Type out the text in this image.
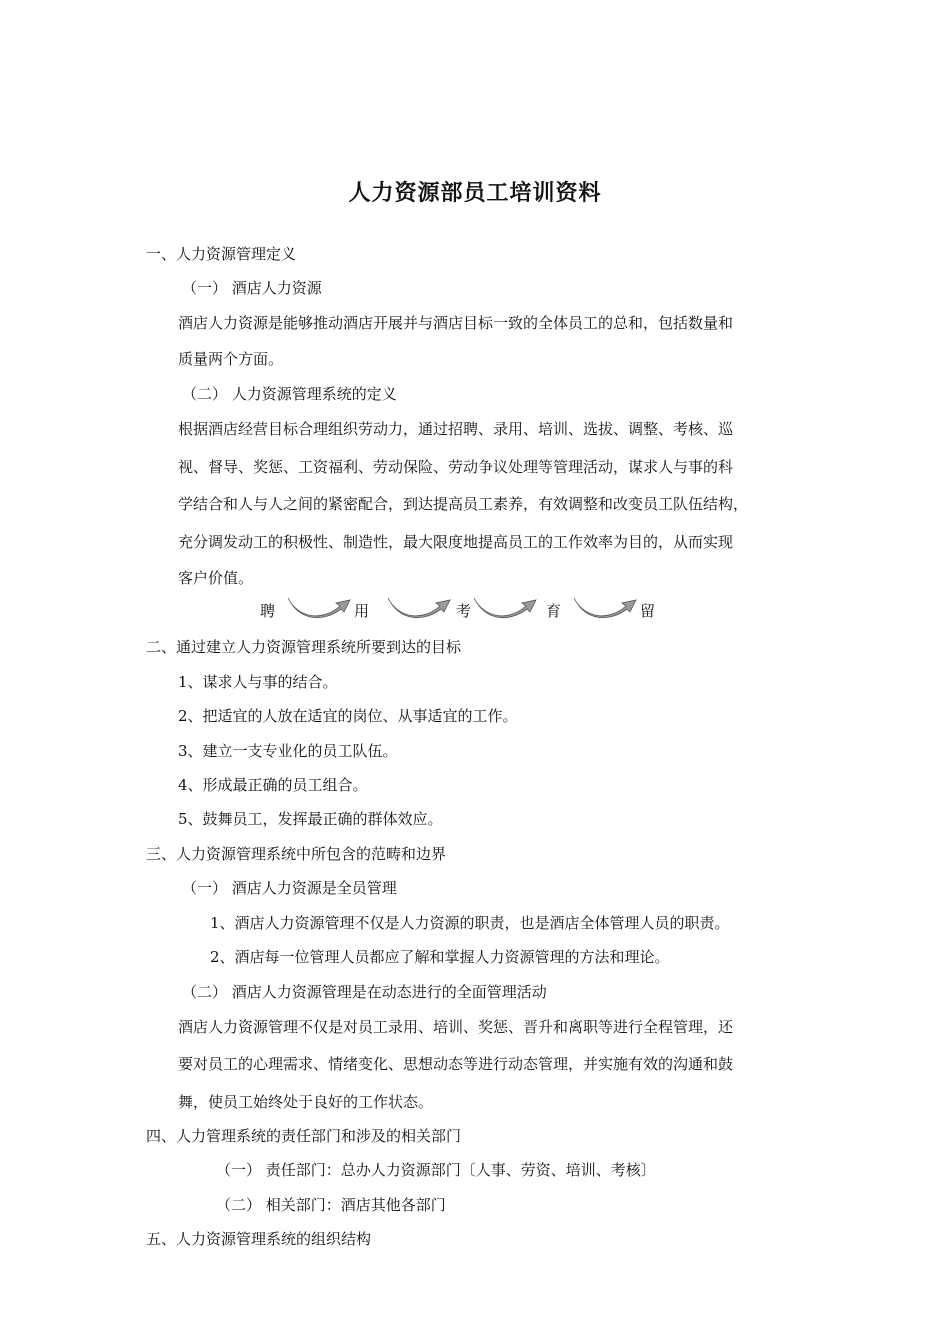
人力资源部员工培训资料
一、人力资源管理定义
（一） 酒店人力资源
酒店人力资源是能够推动酒店开展并与酒店目标一致的全体员工的总和，包括数量和
质量两个方面。
（二） 人力资源管理系统的定义
根据酒店经营目标合理组织劳动力，通过招聘、录用、培训、选拔、调整、考核、巡
视、督导、奖惩、工资福利、劳动保险、劳动争议处理等管理活动，谋求人与事的科
学结合和人与人之间的紧密配合，到达提高员工素养，有效调整和改变员工队伍结构，
充分调发动工的积极性、制造性，最大限度地提高员工的工作效率为目的，从而实现
客户价值。
聘	用	考	育	留
二、通过建立人力资源管理系统所要到达的目标
1、谋求人与事的结合。
2、把适宜的人放在适宜的岗位、从事适宜的工作。
3、建立一支专业化的员工队伍。
4、形成最正确的员工组合。
5、鼓舞员工，发挥最正确的群体效应。
三、人力资源管理系统中所包含的范畴和边界
（一） 酒店人力资源是全员管理
1、酒店人力资源管理不仅是人力资源的职责，也是酒店全体管理人员的职责。
2、酒店每一位管理人员都应了解和掌握人力资源管理的方法和理论。
（二） 酒店人力资源管理是在动态进行的全面管理活动
酒店人力资源管理不仅是对员工录用、培训、奖惩、晋升和离职等进行全程管理，还
要对员工的心理需求、情绪变化、思想动态等进行动态管理，并实施有效的沟通和鼓
舞，使员工始终处于良好的工作状态。
四、人力管理系统的责任部门和涉及的相关部门
（一） 责任部门：总办人力资源部门〔人事、劳资、培训、考核〕
（二） 相关部门：酒店其他各部门
五、人力资源管理系统的组织结构
